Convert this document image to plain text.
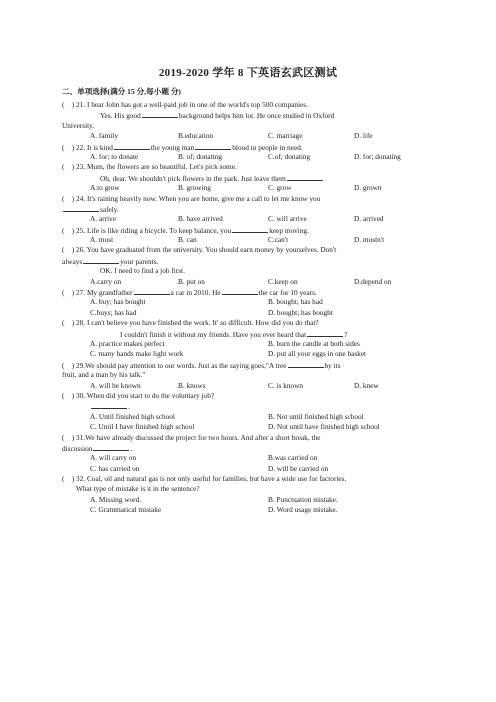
2019-2020 学年 8 下英语玄武区测试
二、单项选择(满分 15 分,每小题 分)
(    ) 21. I hear John has got a well-paid job in one of the world's top 500 companies.
Yes. His good	background helps him lot. He once studied in Oxford
University.
A. family	B.education	C. marriage	D. life
(    ) 22. It is kind	the young man	blood to people in need.
A. for; to donate	B. of; donating	C.of; donating	D. for; donating
(    ) 23. Mum, the flowers are so beautiful. Let's pick some.
Oh, dear. We shouldn't pick flowers in the park. Just leave them
A.to grow	B. growing	C. grow	D. grown
(    ) 24. It's raining heavily now. When you are home, give me a call to let me know you
safely.
A. arrive	B. have arrived	C. will arrive	D. arrived
(    ) 25. Life is like riding a bicycle. To keep balance, you	keep moving.
A. must	B. can	C.can't	D. mustn't
(    ) 26. You have graduated from the university. You should earn money by yourselves. Don't
always	your parents.
OK. I need to find a job first.
A.carry on	B. put on	C.keep on	D.depend on
(    ) 27. My grandfather	a car in 2010. He	the car for 10 years.
A. buy; has bought	B. bought; has had
C.buys; has had	D. bought; has bought
(    ) 28. I can't believe you have finished the work. It' so difficult. How did you do that?
I couldn't finish it without my friends. Have you ever heard that	?
A. practice makes perfect	B. burn the candle at both sides
C. many hands make light work	D. put all your eggs in one basket
(    ) 29.We should pay attention to our words. Just as the saying goes,"A tree	by its
fruit, and a man by his talk."
A. will be known	B. knows	C. is known	D. knew
(    ) 30. When did you start to do the voluntary job?
.
A. Until finished high school	B. Not until finished high school
C. Until I have finished high school	D. Not until have finished high school
(    ) 31.We have already discussed the project for two hours. And after a short break, the
discussion	.
A. will carry on	B.was carried on
C. has carried on	D. will be carried on
(    ) 32. Coal, oil and natural gas is not only useful for families, but have a wide use for factories.
What type of mistake is it in the sentence?
A. Missing word.	B. Punctuation mistake.
C. Grammatical mistake	D. Word usage mistake.
